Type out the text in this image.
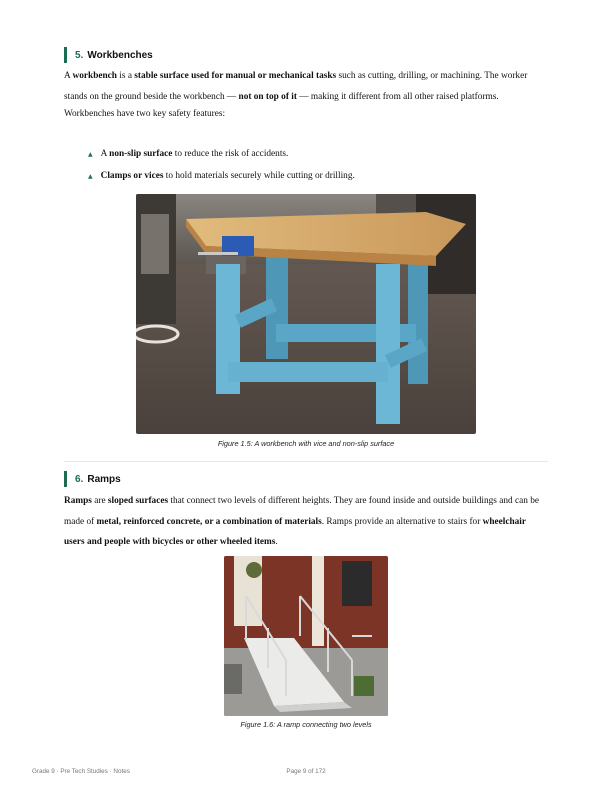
5. Workbenches

A workbench is a stable surface used for manual or mechanical tasks such as cutting, drilling, or machining. The worker stands on the ground beside the workbench — not on top of it — making it different from all other raised platforms.

Workbenches have two key safety features:

▲ A non-slip surface to reduce the risk of accidents.
▲ Clamps or vices to hold materials securely while cutting or drilling.
Figure 1.5: A workbench with vice and non-slip surface
6. Ramps

Ramps are sloped surfaces that connect two levels of different heights. They are found inside and outside buildings and can be made of metal, reinforced concrete, or a combination of materials. Ramps provide an alternative to stairs for wheelchair users and people with bicycles or other wheeled items.

Figure 1.6: A ramp connecting two levels
Grade 9 · Pre Tech Studies · Notes	Page 9 of 172
